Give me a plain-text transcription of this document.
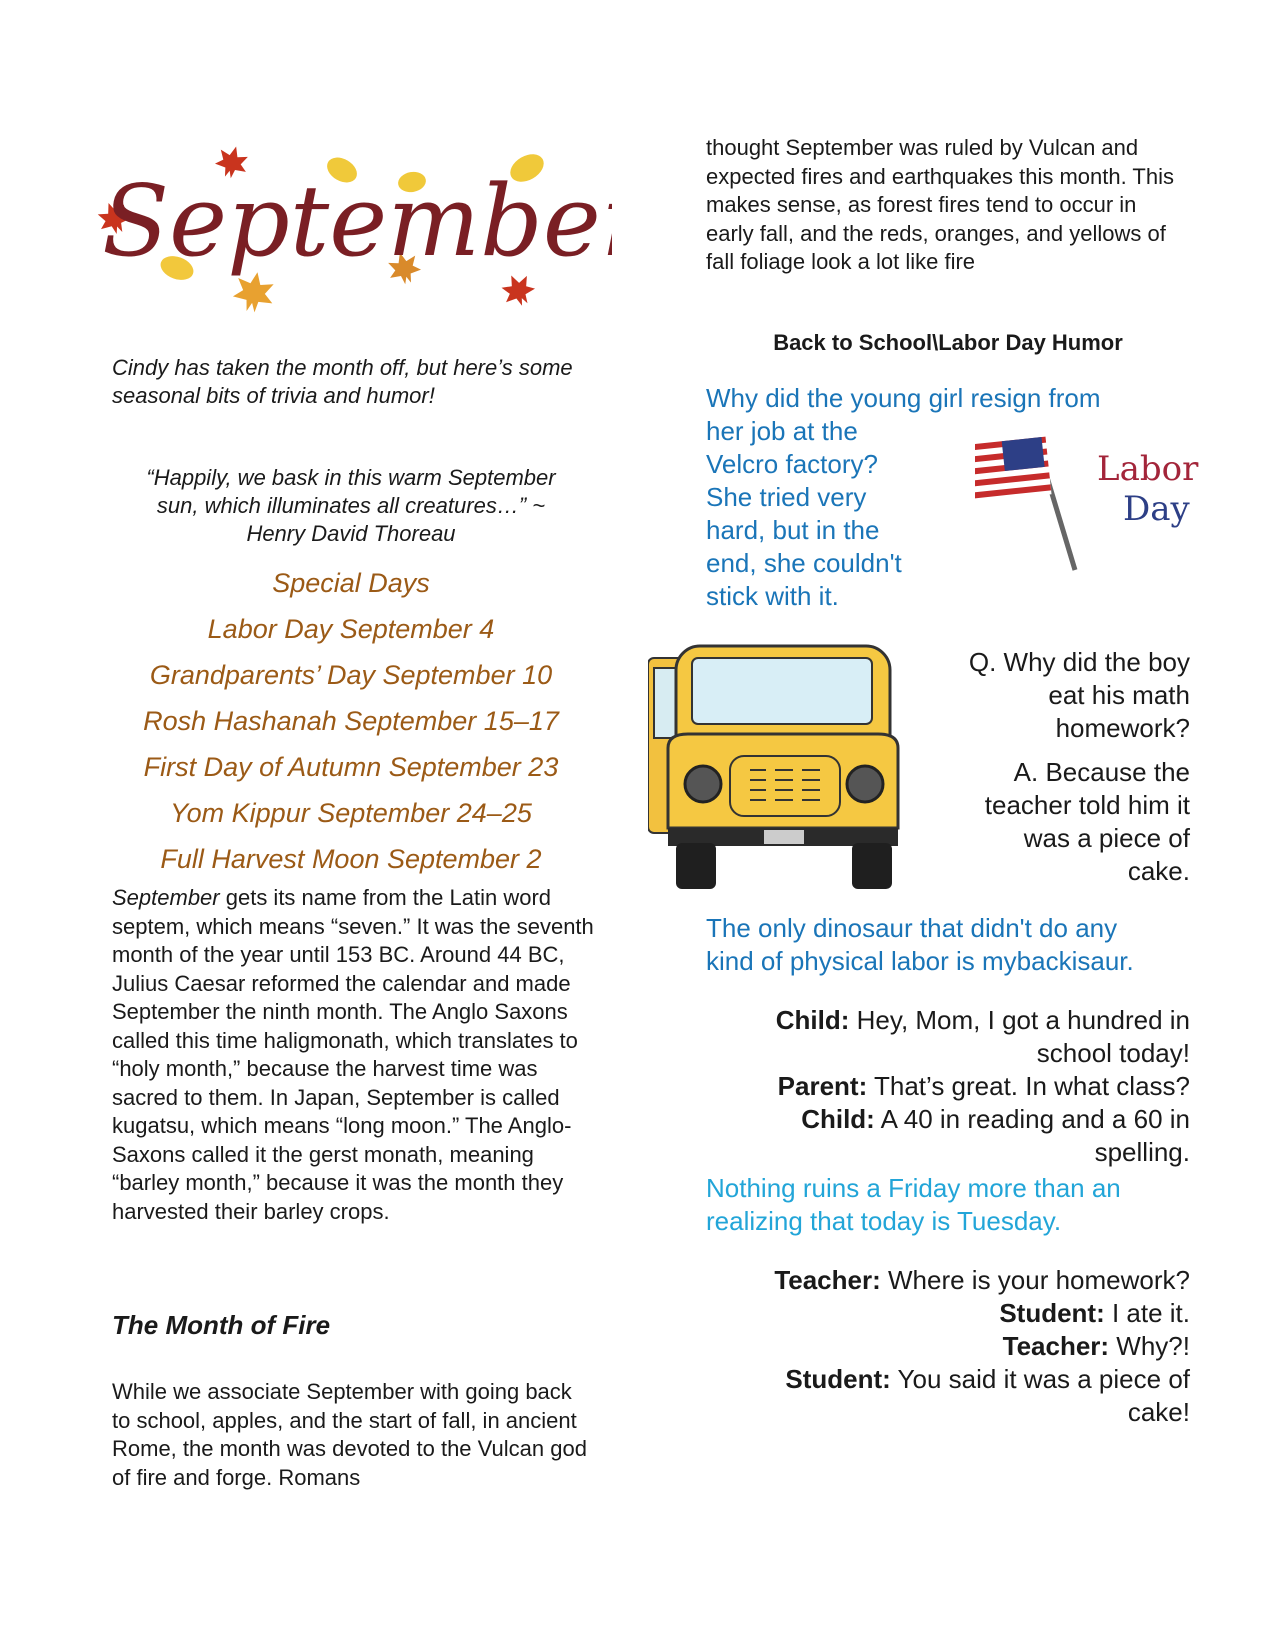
September
Cindy has taken the month off, but here’s some seasonal bits of trivia and humor!
“Happily, we bask in this warm September
sun, which illuminates all creatures…” ~
Henry David Thoreau
Special Days
Labor Day September 4
Grandparents’ Day September 10
Rosh Hashanah September 15–17
First Day of Autumn September 23
Yom Kippur September 24–25
Full Harvest Moon September 2
September gets its name from the Latin word septem, which means “seven.” It was the seventh month of the year until 153 BC. Around 44 BC, Julius Caesar reformed the calendar and made September the ninth month. The Anglo Saxons called this time haligmonath, which translates to “holy month,” because the harvest time was sacred to them. In Japan, September is called kugatsu, which means “long moon.” The Anglo-Saxons called it the gerst monath, meaning “barley month,” because it was the month they harvested their barley crops.
The Month of Fire
While we associate September with going back to school, apples, and the start of fall, in ancient Rome, the month was devoted to the Vulcan god of fire and forge. Romans
thought September was ruled by Vulcan and expected fires and earthquakes this month. This makes sense, as forest fires tend to occur in early fall, and the reds, oranges, and yellows of fall foliage look a lot like fire
Back to School\Labor Day Humor
Why did the young girl resign from
her job at the
Velcro factory?
She tried very
hard, but in the
end, she couldn't
stick with it.
Labor
Day
Q. Why did the boy
eat his math
homework?
A. Because the
teacher told him it
was a piece of
cake.
The only dinosaur that didn't do any
kind of physical labor is mybackisaur.
Child: Hey, Mom, I got a hundred in
school today!
Parent: That’s great. In what class?
Child: A 40 in reading and a 60 in
spelling.
Nothing ruins a Friday more than an
realizing that today is Tuesday.
Teacher: Where is your homework?
Student: I ate it.
Teacher: Why?!
Student: You said it was a piece of
cake!
